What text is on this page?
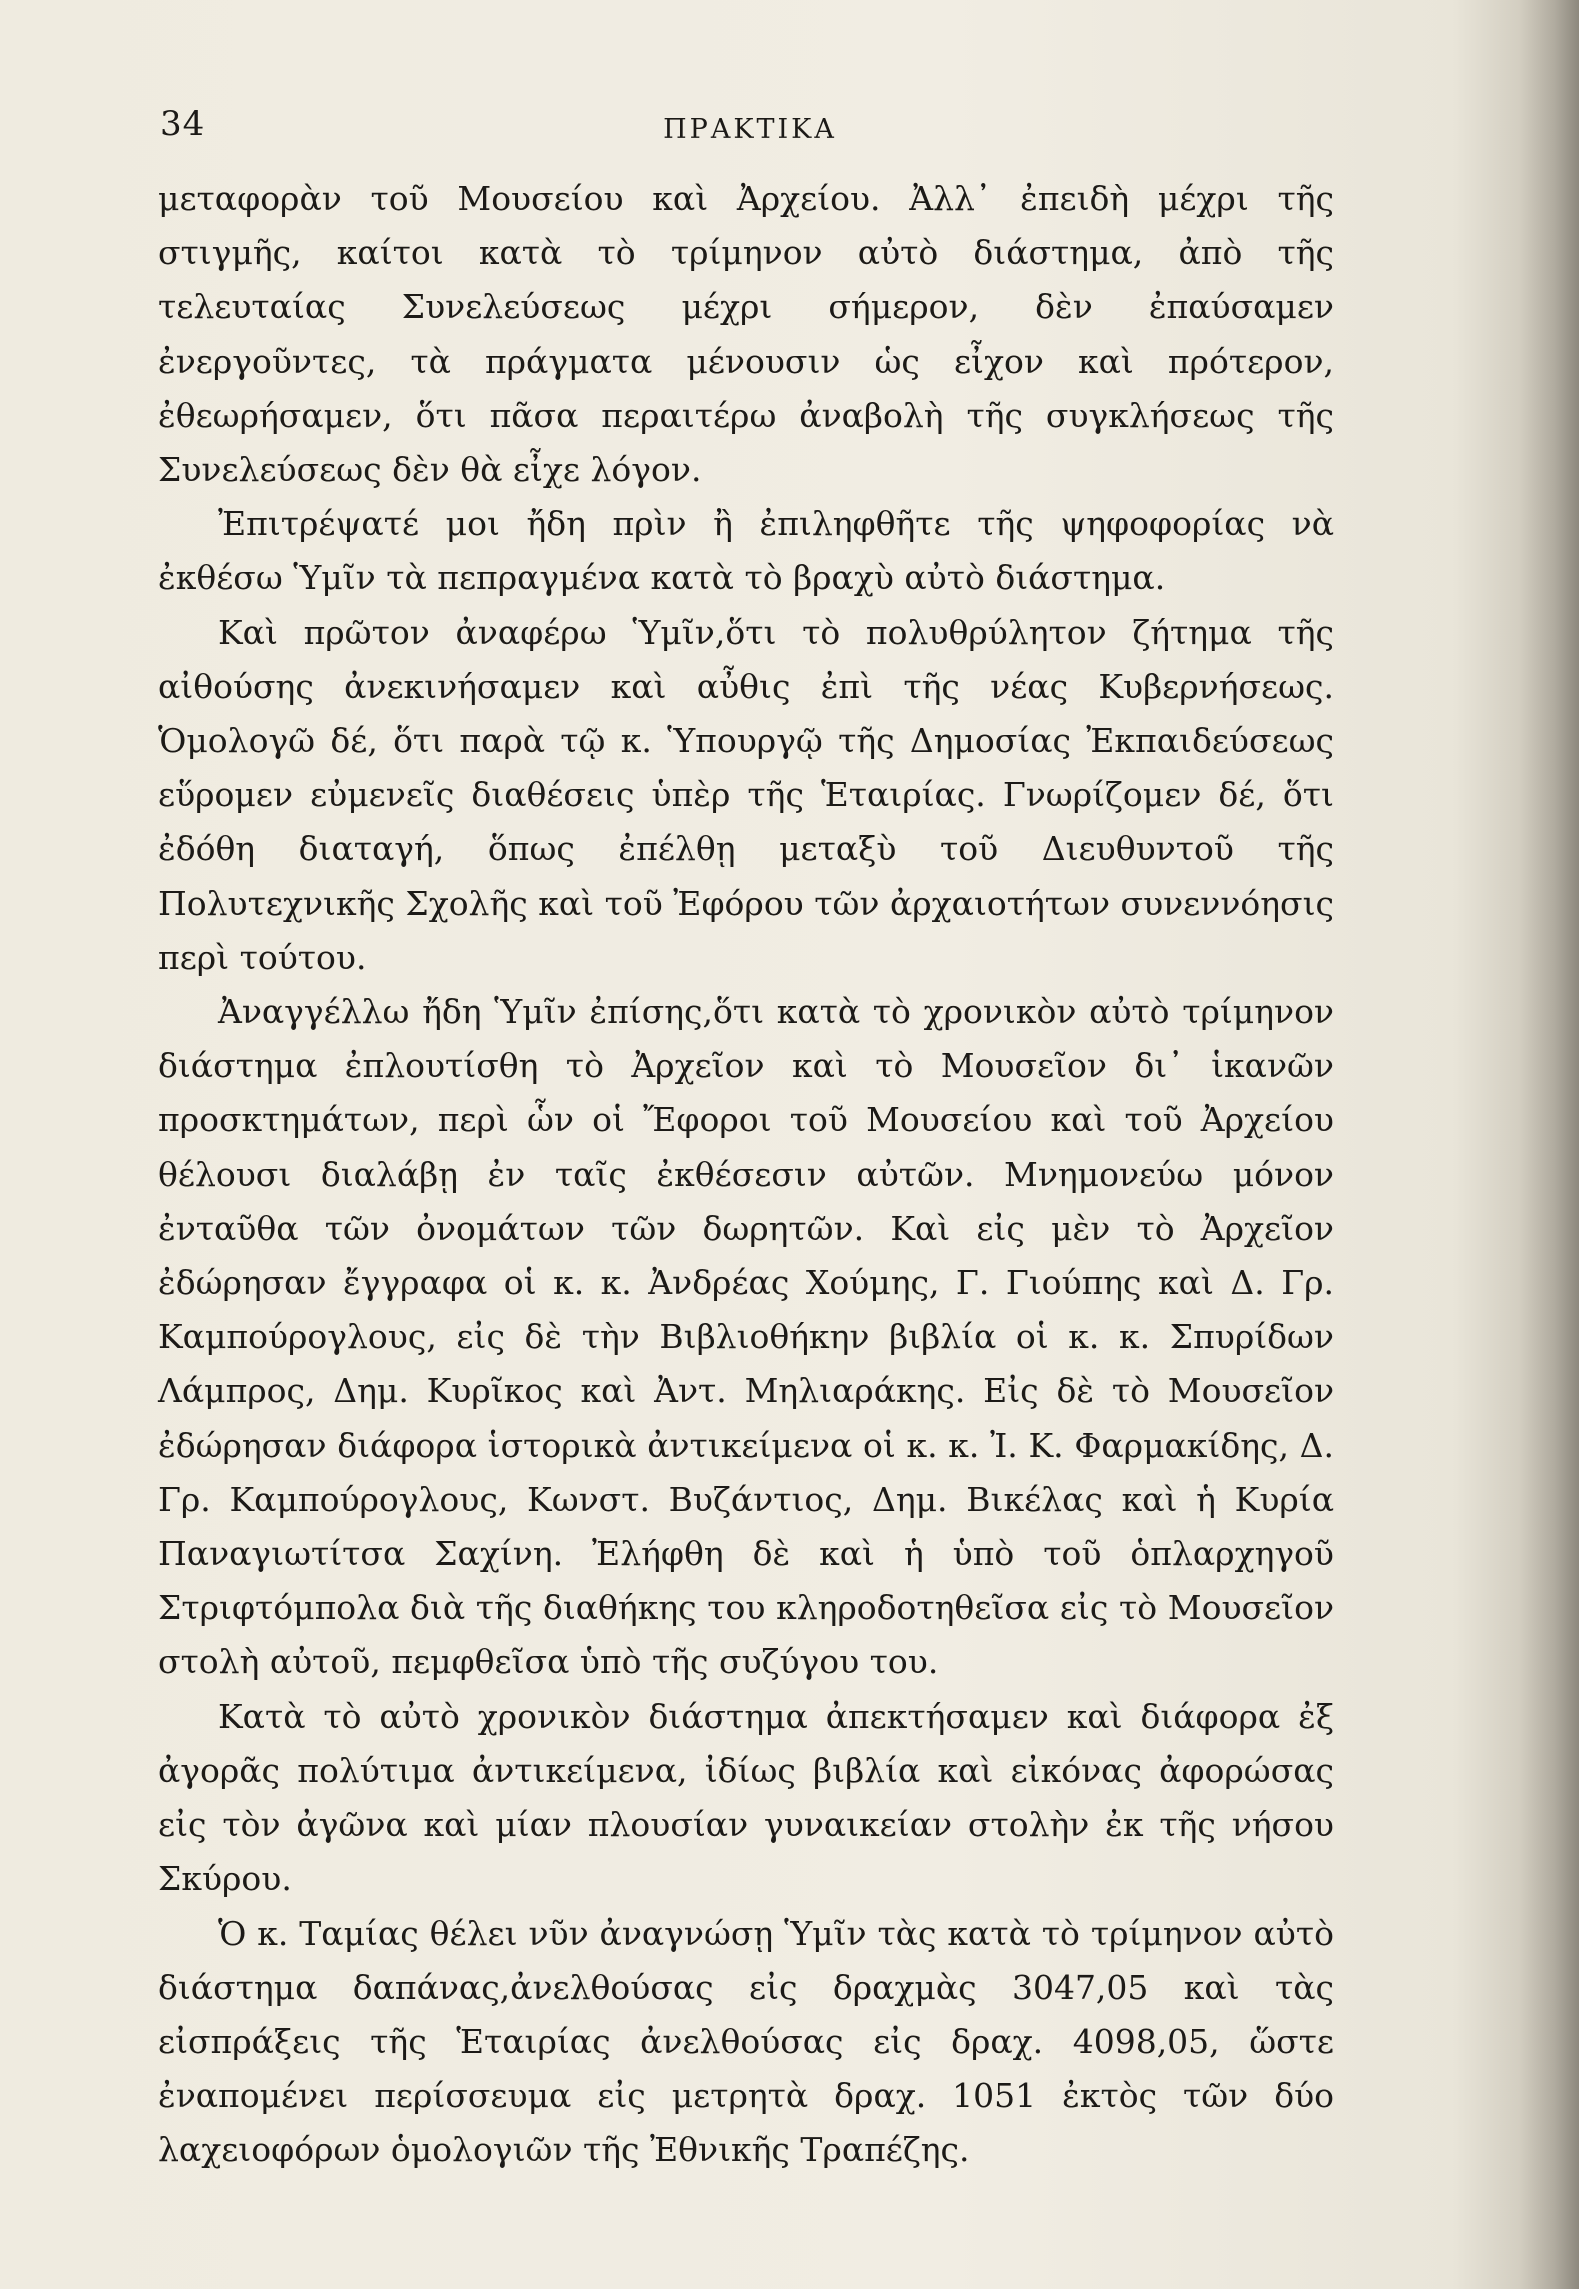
34	ΠΡΑΚΤΙΚΑ

μεταφορὰν τοῦ Μουσείου καὶ Ἀρχείου. Ἀλλ᾽ ἐπειδὴ μέχρι τῆς στιγμῆς, καίτοι κατὰ τὸ τρίμηνον αὐτὸ διάστημα, ἀπὸ τῆς τελευταίας Συνελεύσεως μέχρι σήμερον, δὲν ἐπαύσαμεν ἐνεργοῦντες, τὰ πράγματα μένουσιν ὡς εἶχον καὶ πρότερον, ἐθεωρήσαμεν, ὅτι πᾶσα περαιτέρω ἀναβολὴ τῆς συγκλήσεως τῆς Συνελεύσεως δὲν θὰ εἶχε λόγον.

Ἐπιτρέψατέ μοι ἤδη πρὶν ἢ ἐπιληφθῆτε τῆς ψηφοφορίας νὰ ἐκθέσω Ὑμῖν τὰ πεπραγμένα κατὰ τὸ βραχὺ αὐτὸ διάστημα.

Καὶ πρῶτον ἀναφέρω Ὑμῖν,ὅτι τὸ πολυθρύλητον ζήτημα τῆς αἰθούσης ἀνεκινήσαμεν καὶ αὖθις ἐπὶ τῆς νέας Κυβερνήσεως. Ὁμολογῶ δέ, ὅτι παρὰ τῷ κ. Ὑπουργῷ τῆς Δημοσίας Ἐκπαιδεύσεως εὕρομεν εὐμενεῖς διαθέσεις ὑπὲρ τῆς Ἑταιρίας. Γνωρίζομεν δέ, ὅτι ἐδόθη διαταγή, ὅπως ἐπέλθῃ μεταξὺ τοῦ Διευθυντοῦ τῆς Πολυτεχνικῆς Σχολῆς καὶ τοῦ Ἐφόρου τῶν ἀρχαιοτήτων συνεννόησις περὶ τούτου.

Ἀναγγέλλω ἤδη Ὑμῖν ἐπίσης,ὅτι κατὰ τὸ χρονικὸν αὐτὸ τρίμηνον διάστημα ἐπλουτίσθη τὸ Ἀρχεῖον καὶ τὸ Μουσεῖον δι᾽ ἱκανῶν προσκτημάτων, περὶ ὧν οἱ Ἔφοροι τοῦ Μουσείου καὶ τοῦ Ἀρχείου θέλουσι διαλάβῃ ἐν ταῖς ἐκθέσεσιν αὐτῶν. Μνημονεύω μόνον ἐνταῦθα τῶν ὀνομάτων τῶν δωρητῶν. Καὶ εἰς μὲν τὸ Ἀρχεῖον ἐδώρησαν ἔγγραφα οἱ κ. κ. Ἀνδρέας Χούμης, Γ. Γιούπης καὶ Δ. Γρ. Καμπούρογλους, εἰς δὲ τὴν Βιβλιοθήκην βιβλία οἱ κ. κ. Σπυρίδων Λάμπρος, Δημ. Κυρῖκος καὶ Ἀντ. Μηλιαράκης. Εἰς δὲ τὸ Μουσεῖον ἐδώρησαν διάφορα ἱστορικὰ ἀντικείμενα οἱ κ. κ. Ἰ. Κ. Φαρμακίδης, Δ. Γρ. Καμπούρογλους, Κωνστ. Βυζάντιος, Δημ. Βικέλας καὶ ἡ Κυρία Παναγιωτίτσα Σαχίνη. Ἐλήφθη δὲ καὶ ἡ ὑπὸ τοῦ ὁπλαρχηγοῦ Στριφτόμπολα διὰ τῆς διαθήκης του κληροδοτηθεῖσα εἰς τὸ Μουσεῖον στολὴ αὐτοῦ, πεμφθεῖσα ὑπὸ τῆς συζύγου του.

Κατὰ τὸ αὐτὸ χρονικὸν διάστημα ἀπεκτήσαμεν καὶ διάφορα ἐξ ἀγορᾶς πολύτιμα ἀντικείμενα, ἰδίως βιβλία καὶ εἰκόνας ἀφορώσας εἰς τὸν ἀγῶνα καὶ μίαν πλουσίαν γυναικείαν στολὴν ἐκ τῆς νήσου Σκύρου.

Ὁ κ. Ταμίας θέλει νῦν ἀναγνώσῃ Ὑμῖν τὰς κατὰ τὸ τρίμηνον αὐτὸ διάστημα δαπάνας,ἀνελθούσας εἰς δραχμὰς 3047,05 καὶ τὰς εἰσπράξεις τῆς Ἑταιρίας ἀνελθούσας εἰς δραχ. 4098,05, ὥστε ἐναπομένει περίσσευμα εἰς μετρητὰ δραχ. 1051 ἐκτὸς τῶν δύο λαχειοφόρων ὁμολογιῶν τῆς Ἐθνικῆς Τραπέζης.
